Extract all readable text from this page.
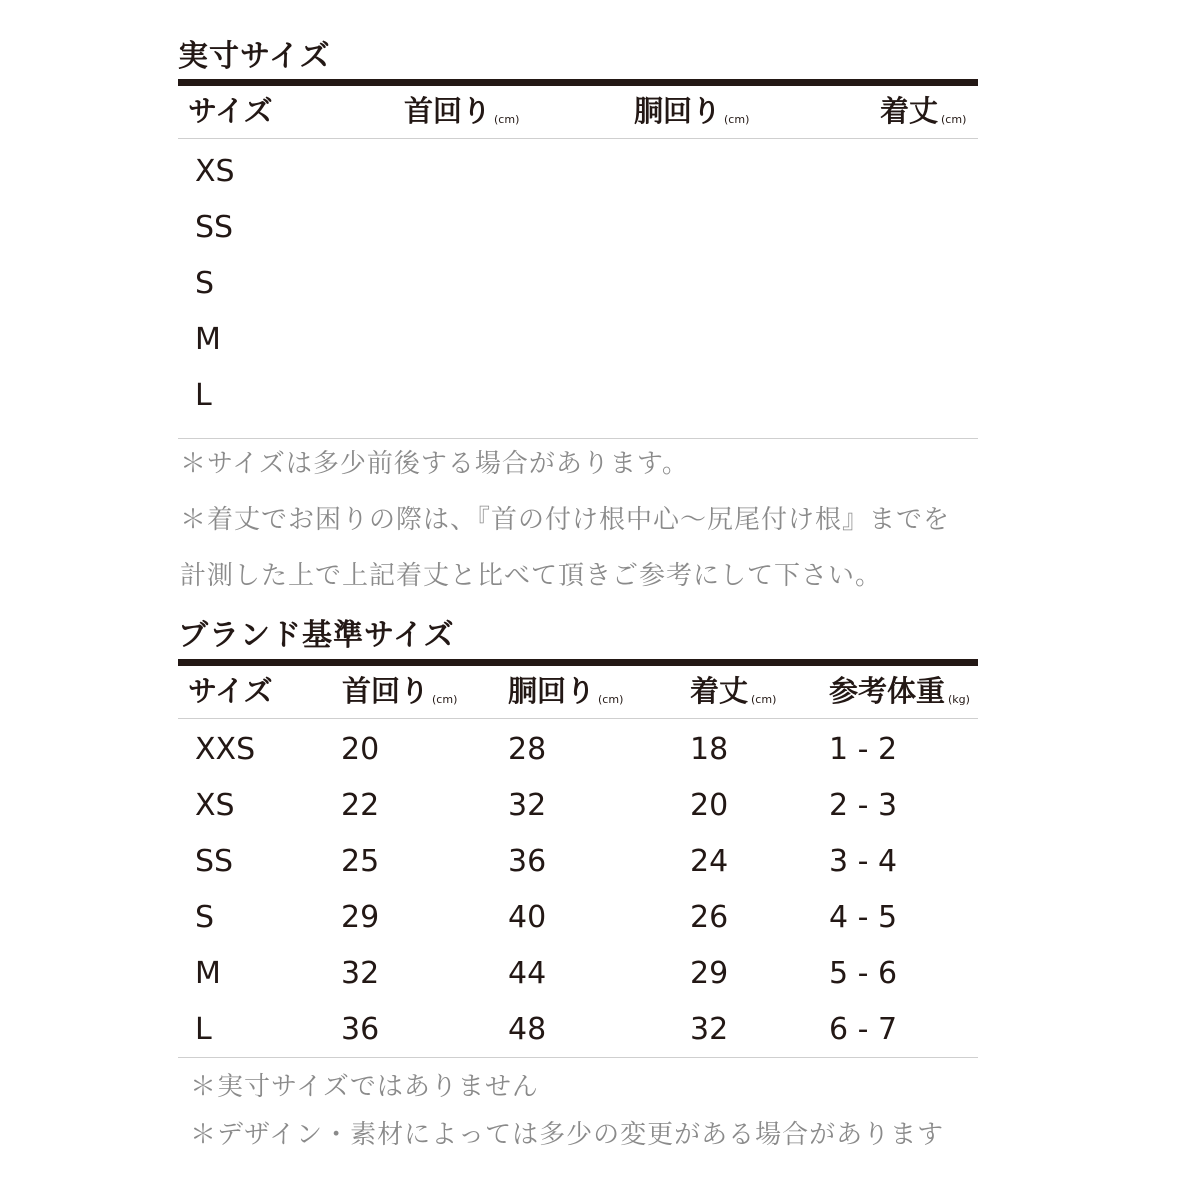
実寸サイズ
サイズ	首回り (cm)	胴回り (cm)	着丈 (cm)
XS
SS
S
M
L
＊サイズは多少前後する場合があります。
＊着丈でお困りの際は、『首の付け根中心〜尻尾付け根』までを
計測した上で上記着丈と比べて頂きご参考にして下さい。
ブランド基準サイズ
サイズ 首回り (cm) 胴回り (cm) 着丈 (cm) 参考体重 (kg)
XXS	20	28	18	1 - 2
XS	22	32	20	2 - 3
SS	25	36	24	3 - 4
S	29	40	26	4 - 5
M	32	44	29	5 - 6
L	36	48	32	6 - 7
＊実寸サイズではありません
＊デザイン・素材によっては多少の変更がある場合があります
